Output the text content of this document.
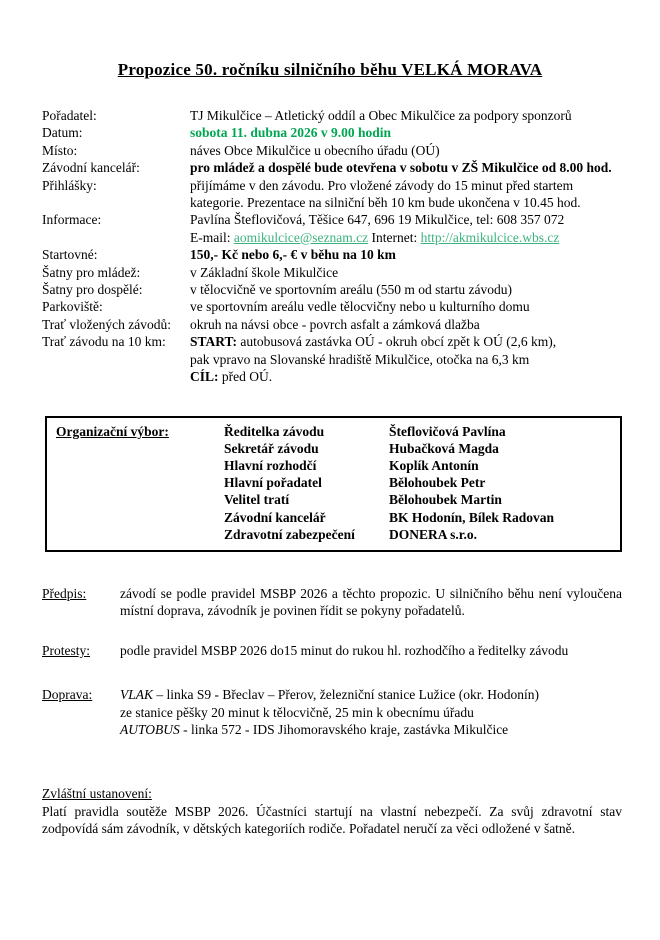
Propozice 50. ročníku silničního běhu VELKÁ MORAVA
Pořadatel:	TJ Mikulčice – Atletický oddíl a Obec Mikulčice za podpory sponzorů
Datum:	sobota 11. dubna 2026 v 9.00 hodin
Místo:	náves Obce Mikulčice u obecního úřadu (OÚ)
Závodní kancelář:	pro mládež a dospělé bude otevřena v sobotu v ZŠ Mikulčice od 8.00 hod.
Přihlášky:	přijímáme v den závodu. Pro vložené závody do 15 minut před startem
kategorie. Prezentace na silniční běh 10 km bude ukončena v 10.45 hod.
Informace:	Pavlína Šteflovičová, Těšice 647, 696 19 Mikulčice, tel: 608 357 072
E-mail: aomikulcice@seznam.cz Internet: http://akmikulcice.wbs.cz
Startovné:	150,- Kč nebo 6,- € v běhu na 10 km
Šatny pro mládež:	v Základní škole Mikulčice
Šatny pro dospělé:	v tělocvičně ve sportovním areálu (550 m od startu závodu)
Parkoviště:	ve sportovním areálu vedle tělocvičny nebo u kulturního domu
Trať vložených závodů:	okruh na návsi obce - povrch asfalt a zámková dlažba
Trať závodu na 10 km:	START: autobusová zastávka OÚ - okruh obcí zpět k OÚ (2,6 km),
pak vpravo na Slovanské hradiště Mikulčice, otočka na 6,3 km
CÍL: před OÚ.
Organizační výbor:	Ředitelka závodu	Šteflovičová Pavlína
Sekretář závodu	Hubačková Magda
Hlavní rozhodčí	Koplík Antonín
Hlavní pořadatel	Bělohoubek Petr
Velitel tratí	Bělohoubek Martin
Závodní kancelář	BK Hodonín, Bílek Radovan
Zdravotní zabezpečení	DONERA s.r.o.
Předpis:	závodí se podle pravidel MSBP 2026 a těchto propozic. U silničního běhu není vyloučena místní doprava, závodník je povinen řídit se pokyny pořadatelů.
Protesty:	podle pravidel MSBP 2026 do15 minut do rukou hl. rozhodčího a ředitelky závodu
Doprava:	VLAK – linka S9 - Břeclav – Přerov, železniční stanice Lužice (okr. Hodonín)
ze stanice pěšky 20 minut k tělocvičně, 25 min k obecnímu úřadu
AUTOBUS - linka 572 - IDS Jihomoravského kraje, zastávka Mikulčice
Zvláštní ustanovení:
Platí pravidla soutěže MSBP 2026. Účastníci startují na vlastní nebezpečí. Za svůj zdravotní stav zodpovídá sám závodník, v dětských kategoriích rodiče. Pořadatel neručí za věci odložené v šatně.
